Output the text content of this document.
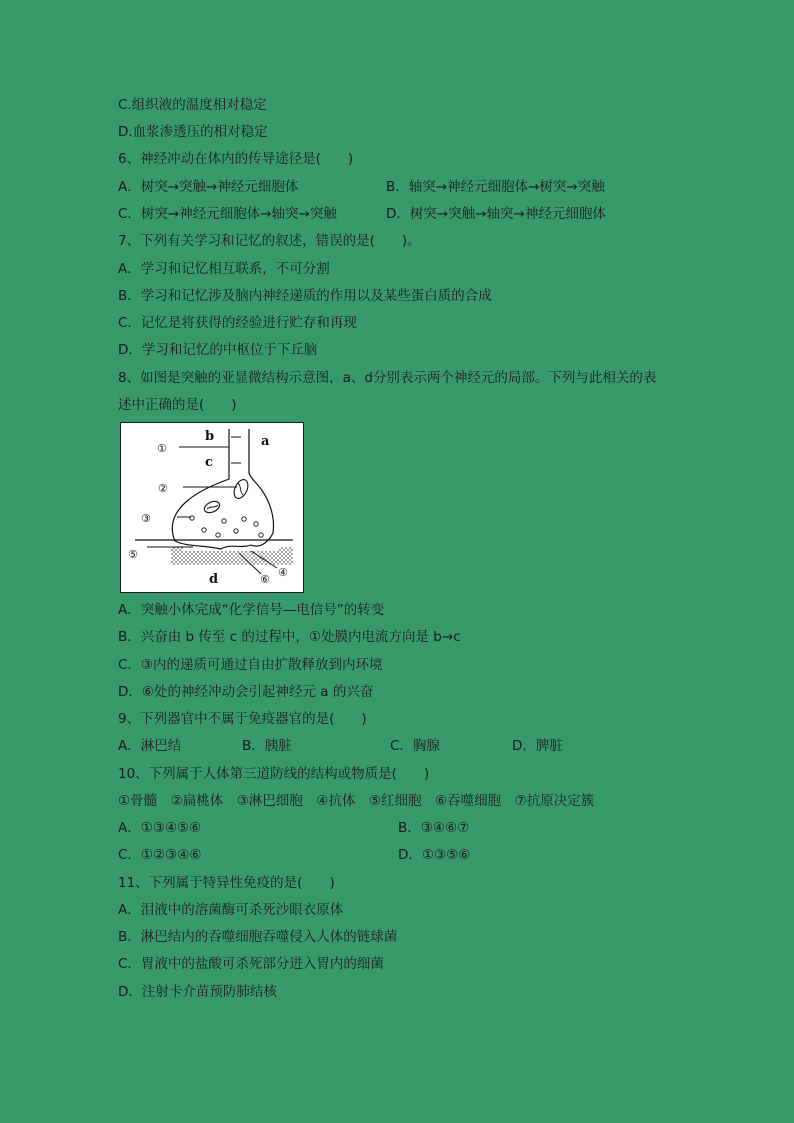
C.组织液的温度相对稳定
D.血浆渗透压的相对稳定
6、神经冲动在体内的传导途径是(　　)
A．树突→突触→神经元细胞体	B．轴突→神经元细胞体→树突→突触
C．树突→神经元细胞体→轴突→突触	D．树突→突触→轴突→神经元细胞体
7、下列有关学习和记忆的叙述，错误的是(　　)。
A．学习和记忆相互联系，不可分割
B．学习和记忆涉及脑内神经递质的作用以及某些蛋白质的合成
C．记忆是将获得的经验进行贮存和再现
D．学习和记忆的中枢位于下丘脑
8、如图是突触的亚显微结构示意图，a、d分别表示两个神经元的局部。下列与此相关的表
述中正确的是(　　)
①
②
③
⑤
④
⑥
b
c
a
d
A．突触小体完成“化学信号—电信号”的转变
B．兴奋由 b 传至 c 的过程中，①处膜内电流方向是 b→c
C．③内的递质可通过自由扩散释放到内环境
D．⑥处的神经冲动会引起神经元 a 的兴奋
9、下列器官中不属于免疫器官的是(　　)
A．淋巴结	B．胰脏	C．胸腺	D．脾脏
10、下列属于人体第三道防线的结构或物质是(　　)
①骨髓　②扁桃体　③淋巴细胞　④抗体　⑤红细胞　⑥吞噬细胞　⑦抗原决定簇
A．①③④⑤⑥	B．③④⑥⑦
C．①②③④⑥	D．①③⑤⑥
11、下列属于特异性免疫的是(　　)
A．泪液中的溶菌酶可杀死沙眼衣原体
B．淋巴结内的吞噬细胞吞噬侵入人体的链球菌
C．胃液中的盐酸可杀死部分进入胃内的细菌
D．注射卡介苗预防肺结核
